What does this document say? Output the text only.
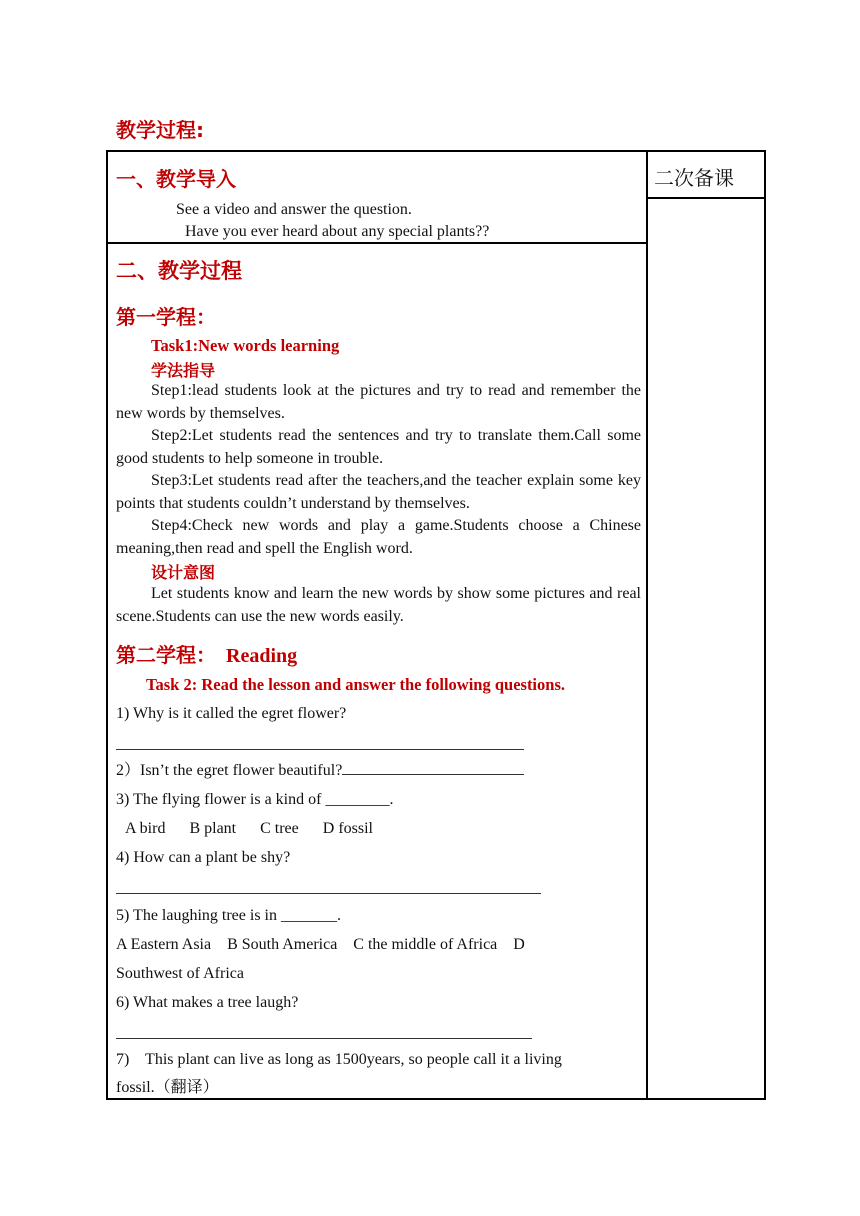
教学过程:
二次备课
一、教学导入
See a video and answer the question.
Have you ever heard about any special plants??
二、教学过程
第一学程：
Task1:New words learning
学法指导
Step1:lead students look at the pictures and try to read and remember the new words by themselves.
Step2:Let students read the sentences and try to translate them.Call some good students to help someone in trouble.
Step3:Let students read after the teachers,and the teacher explain some key points that students couldn’t understand by themselves.
Step4:Check new words and play a game.Students choose a Chinese meaning,then read and spell the English word.
设计意图
Let students know and learn the new words by show some pictures and real scene.Students can use the new words easily.
第二学程： Reading
Task 2: Read the lesson and answer the following questions.
1) Why is it called the egret flower?
2）Isn’t the egret flower beautiful?
3) The flying flower is a kind of ________.
A bird      B plant      C tree      D fossil
4) How can a plant be shy?
5) The laughing tree is in _______.
A Eastern Asia    B South America    C the middle of Africa    D
Southwest of Africa
6) What makes a tree laugh?
7)    This plant can live as long as 1500years, so people call it a living
fossil.（翻译）
